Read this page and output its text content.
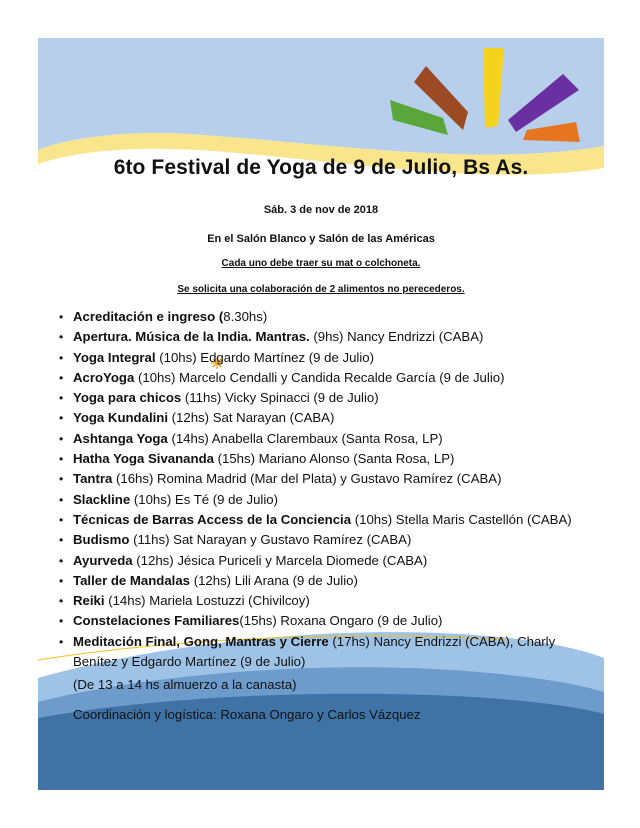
6to Festival de Yoga de 9 de Julio, Bs As.
Sáb. 3 de nov de 2018
En el Salón Blanco y Salón de las Américas
Cada uno debe traer su mat o colchoneta.
Se solicita una colaboración de 2 alimentos no perecederos.
• Acreditación e ingreso (8.30hs)
• Apertura. Música de la India. Mantras. (9hs) Nancy Endrizzi (CABA)
• Yoga Integral (10hs) Edgardo Martínez (9 de Julio)
• AcroYoga (10hs) Marcelo Cendalli y Candida Recalde García (9 de Julio)
• Yoga para chicos (11hs) Vicky Spinacci (9 de Julio)
• Yoga Kundalini (12hs) Sat Narayan (CABA)
• Ashtanga Yoga (14hs) Anabella Clarembaux (Santa Rosa, LP)
• Hatha Yoga Sivananda (15hs) Mariano Alonso (Santa Rosa, LP)
• Tantra (16hs) Romina Madrid (Mar del Plata) y Gustavo Ramírez (CABA)
• Slackline (10hs) Es Té (9 de Julio)
• Técnicas de Barras Access de la Conciencia (10hs) Stella Maris Castellón (CABA)
• Budismo (11hs) Sat Narayan y Gustavo Ramírez (CABA)
• Ayurveda (12hs) Jésica Puriceli y Marcela Diomede (CABA)
• Taller de Mandalas (12hs) Lili Arana (9 de Julio)
• Reiki (14hs) Mariela Lostuzzi (Chivilcoy)
• Constelaciones Familiares(15hs) Roxana Ongaro (9 de Julio)
• Meditación Final, Gong, Mantras y Cierre (17hs) Nancy Endrizzi (CABA), Charly
Benítez y Edgardo Martínez (9 de Julio)
(De 13 a 14 hs almuerzo a la canasta)
Coordinación y logística: Roxana Ongaro y Carlos Vázquez
